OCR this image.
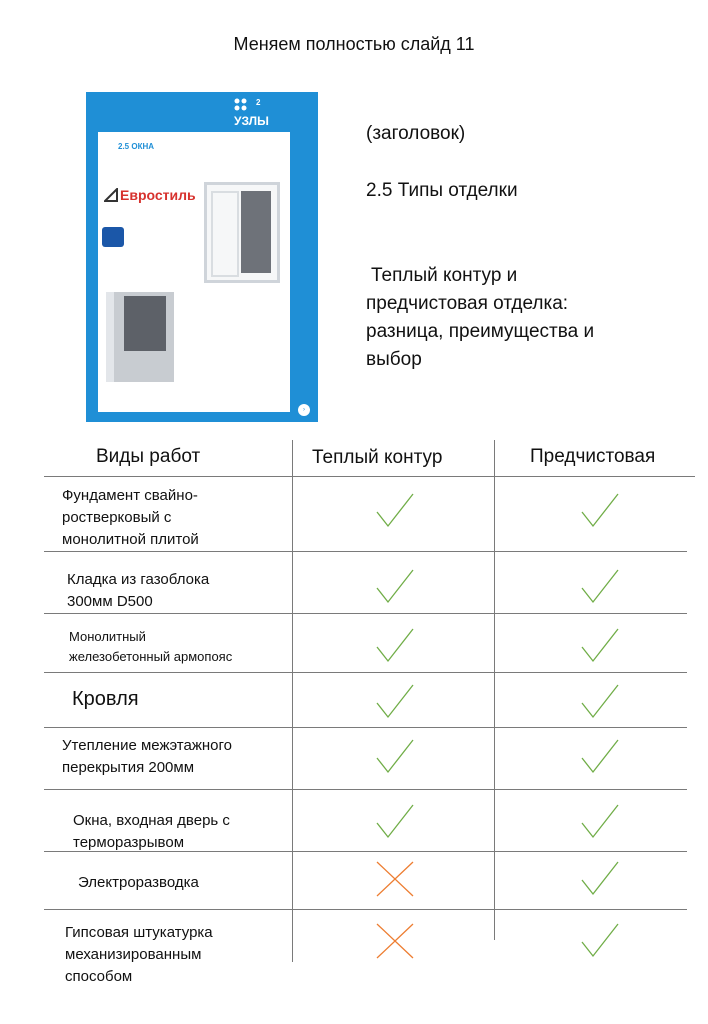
Меняем полностью слайд 11
2
УЗЛЫ
2.5 ОКНА
Евростиль
›
(заголовок)
2.5 Типы отделки
Теплый контур и
предчистовая отделка:
разница, преимущества и
выбор
Виды работ	Теплый контур	Предчистовая
Фундамент свайно-
ростверковый с
монолитной плитой
Кладка из газоблока
300мм D500
Монолитный
железобетонный армопояс
Кровля
Утепление межэтажного
перекрытия 200мм
Окна, входная дверь с
терморазрывом
Электроразводка
Гипсовая штукатурка
механизированным
способом
